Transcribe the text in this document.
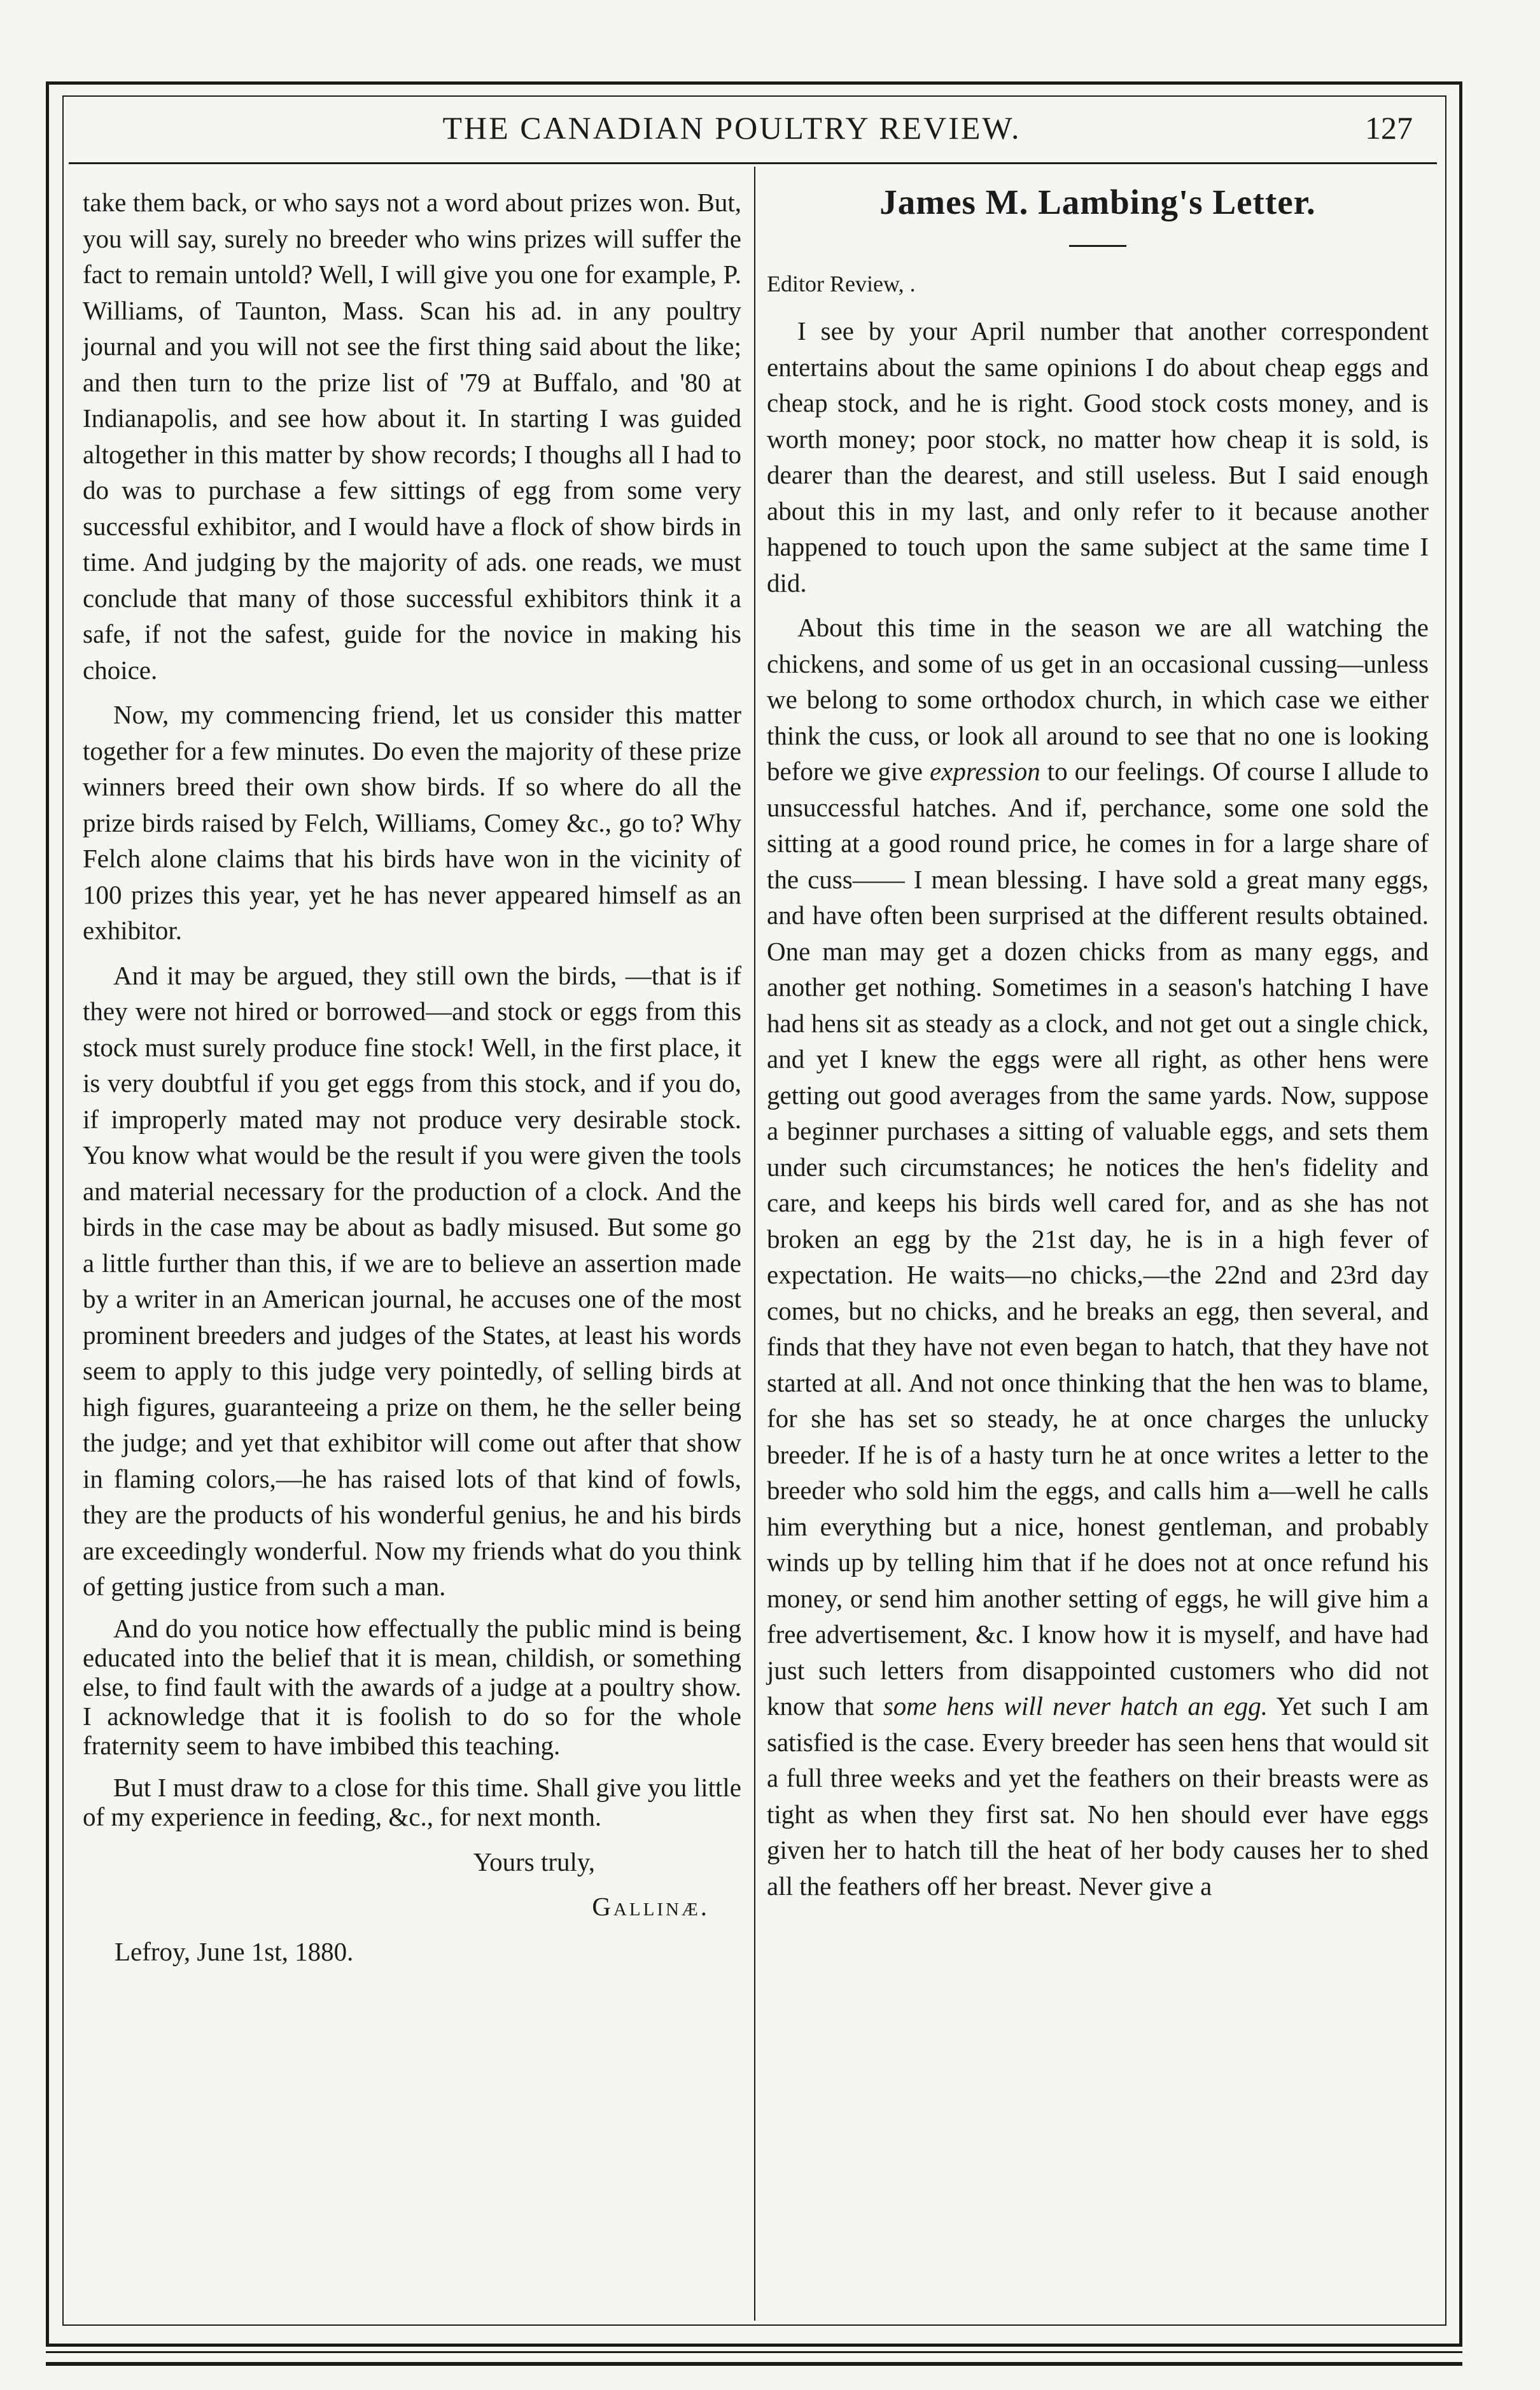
THE CANADIAN POULTRY REVIEW.	127

take them back, or who says not a word about prizes won. But, you will say, surely no breeder who wins prizes will suffer the fact to remain untold? Well, I will give you one for example, P. Williams, of Taunton, Mass. Scan his ad. in any poultry journal and you will not see the first thing said about the like; and then turn to the prize list of '79 at Buffalo, and '80 at Indianapolis, and see how about it. In starting I was guided altogether in this matter by show records; I thoughs all I had to do was to purchase a few sittings of egg from some very successful exhibitor, and I would have a flock of show birds in time. And judging by the majority of ads. one reads, we must conclude that many of those successful exhibitors think it a safe, if not the safest, guide for the novice in making his choice.

Now, my commencing friend, let us consider this matter together for a few minutes. Do even the majority of these prize winners breed their own show birds. If so where do all the prize birds raised by Felch, Williams, Comey &c., go to? Why Felch alone claims that his birds have won in the vicinity of 100 prizes this year, yet he has never appeared himself as an exhibitor.

And it may be argued, they still own the birds, —that is if they were not hired or borrowed—and stock or eggs from this stock must surely produce fine stock! Well, in the first place, it is very doubtful if you get eggs from this stock, and if you do, if improperly mated may not produce very desirable stock. You know what would be the result if you were given the tools and material necessary for the production of a clock. And the birds in the case may be about as badly misused. But some go a little further than this, if we are to believe an assertion made by a writer in an American journal, he accuses one of the most prominent breeders and judges of the States, at least his words seem to apply to this judge very pointedly, of selling birds at high figures, guaranteeing a prize on them, he the seller being the judge; and yet that exhibitor will come out after that show in flaming colors,—he has raised lots of that kind of fowls, they are the products of his wonderful genius, he and his birds are exceedingly wonderful. Now my friends what do you think of getting justice from such a man.

And do you notice how effectually the public mind is being educated into the belief that it is mean, childish, or something else, to find fault with the awards of a judge at a poultry show. I acknowledge that it is foolish to do so for the whole fraternity seem to have imbibed this teaching.

But I must draw to a close for this time. Shall give you little of my experience in feeding, &c., for next month.

Yours truly,

Gallinæ.

Lefroy, June 1st, 1880.

James M. Lambing's Letter.
Editor Review, .

I see by your April number that another correspondent entertains about the same opinions I do about cheap eggs and cheap stock, and he is right. Good stock costs money, and is worth money; poor stock, no matter how cheap it is sold, is dearer than the dearest, and still useless. But I said enough about this in my last, and only refer to it because another happened to touch upon the same subject at the same time I did.

About this time in the season we are all watching the chickens, and some of us get in an occasional cussing—unless we belong to some orthodox church, in which case we either think the cuss, or look all around to see that no one is looking before we give expression to our feelings. Of course I allude to unsuccessful hatches. And if, perchance, some one sold the sitting at a good round price, he comes in for a large share of the cuss—— I mean blessing. I have sold a great many eggs, and have often been surprised at the different results obtained. One man may get a dozen chicks from as many eggs, and another get nothing. Sometimes in a season's hatching I have had hens sit as steady as a clock, and not get out a single chick, and yet I knew the eggs were all right, as other hens were getting out good averages from the same yards. Now, suppose a beginner purchases a sitting of valuable eggs, and sets them under such circumstances; he notices the hen's fidelity and care, and keeps his birds well cared for, and as she has not broken an egg by the 21st day, he is in a high fever of expectation. He waits—no chicks,—the 22nd and 23rd day comes, but no chicks, and he breaks an egg, then several, and finds that they have not even began to hatch, that they have not started at all. And not once thinking that the hen was to blame, for she has set so steady, he at once charges the unlucky breeder. If he is of a hasty turn he at once writes a letter to the breeder who sold him the eggs, and calls him a—well he calls him everything but a nice, honest gentleman, and probably winds up by telling him that if he does not at once refund his money, or send him another setting of eggs, he will give him a free advertisement, &c. I know how it is myself, and have had just such letters from disappointed customers who did not know that some hens will never hatch an egg. Yet such I am satisfied is the case. Every breeder has seen hens that would sit a full three weeks and yet the feathers on their breasts were as tight as when they first sat. No hen should ever have eggs given her to hatch till the heat of her body causes her to shed all the feathers off her breast. Never give a
